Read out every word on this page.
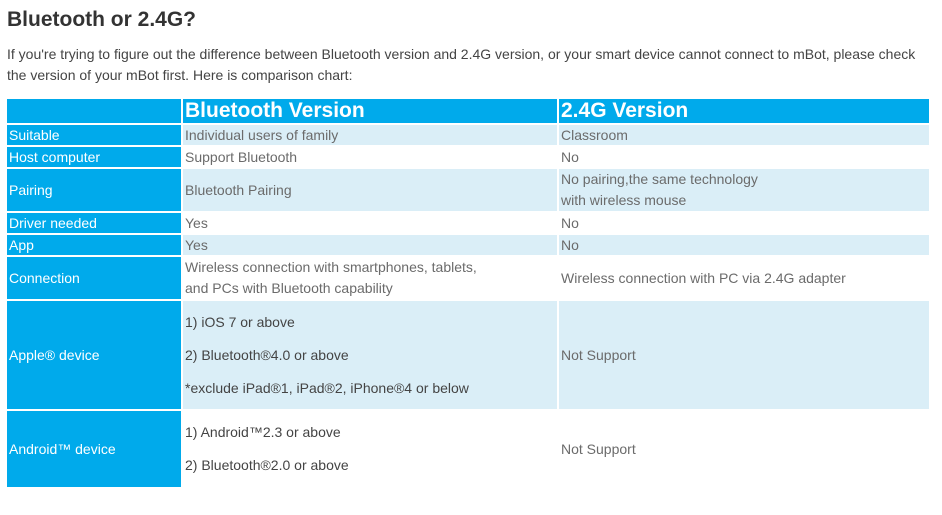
Bluetooth or 2.4G?

If you're trying to figure out the difference between Bluetooth version and 2.4G version, or your smart device cannot connect to mBot, please check the version of your mBot first. Here is comparison chart:

	Bluetooth Version	2.4G Version
Suitable	Individual users of family	Classroom

Host computer	Support Bluetooth	No

Pairing	Bluetooth Pairing	No pairing,the same technology
with wireless mouse

Driver needed	Yes	No

App	Yes	No

Connection	Wireless connection with smartphones, tablets,
and PCs with Bluetooth capability	Wireless connection with PC via 2.4G adapter

Apple® device	1) iOS 7 or above
2) Bluetooth®4.0 or above
*exclude iPad®1, iPad®2, iPhone®4 or below	Not Support

Android™ device	1) Android™2.3 or above
2) Bluetooth®2.0 or above	Not Support
